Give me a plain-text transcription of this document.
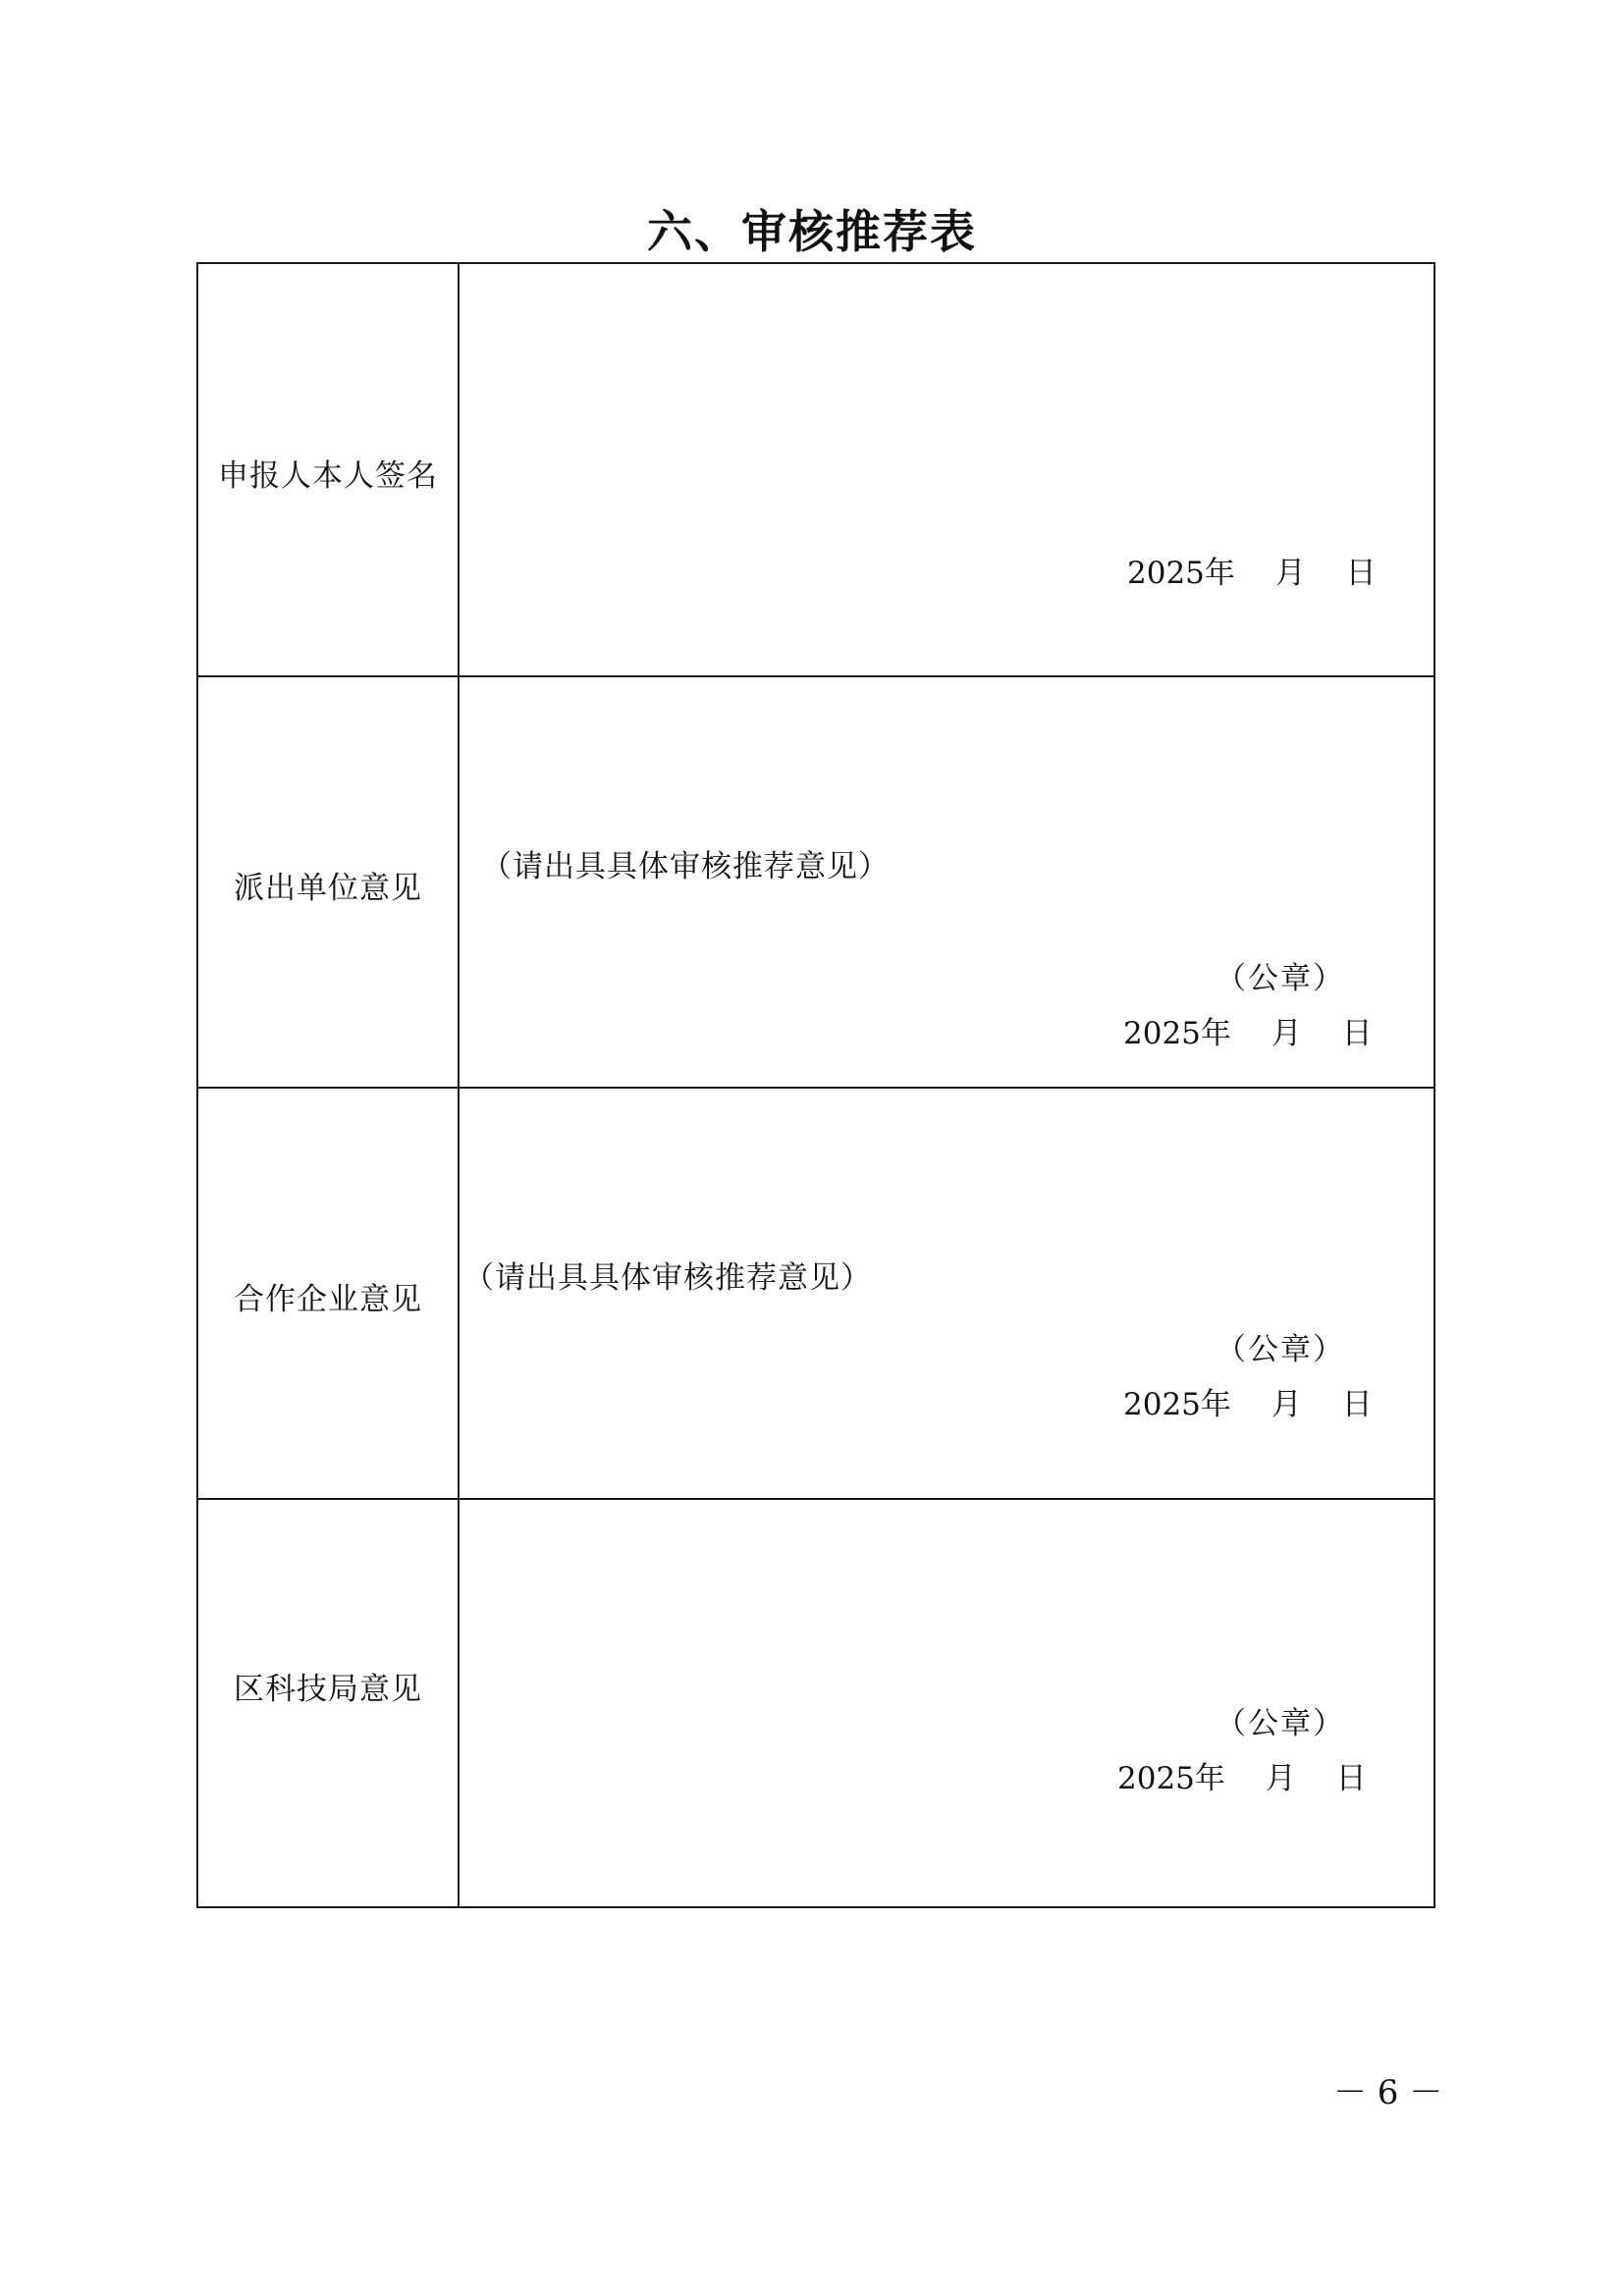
六、审核推荐表
申报人本人签名
2025年　 月　 日
派出单位意见
（请出具具体审核推荐意见）
（公章）
2025年　 月　 日
合作企业意见
（请出具具体审核推荐意见）
（公章）
2025年　 月　 日
区科技局意见
（公章）
2025年　 月　 日
－ 6 －
